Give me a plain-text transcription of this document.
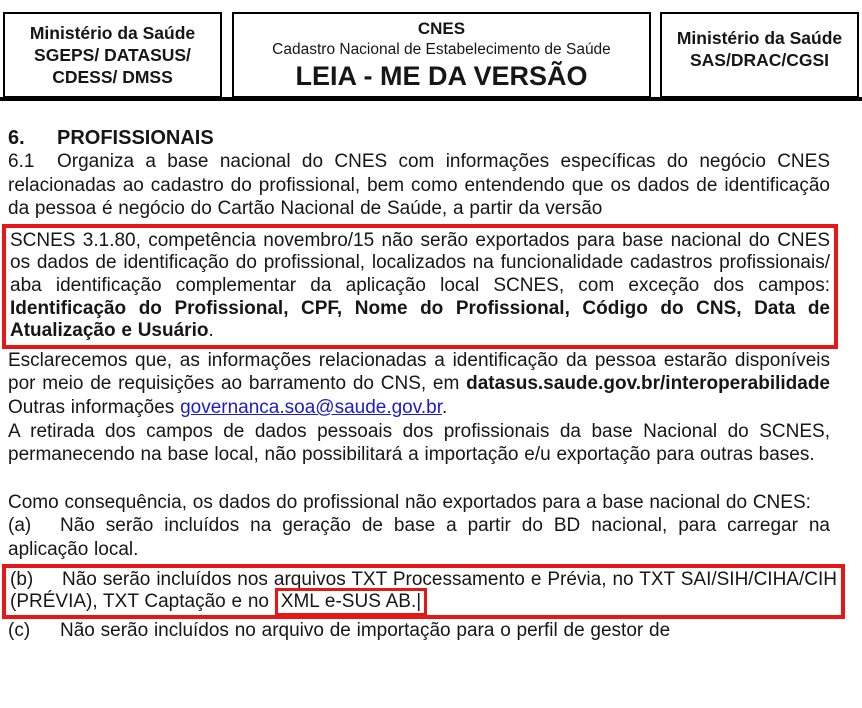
Ministério da Saúde
SGEPS/ DATASUS/
CDESS/ DMSS
CNES
Cadastro Nacional de Estabelecimento de Saúde
LEIA - ME DA VERSÃO
Ministério da Saúde
SAS/DRAC/CGSI

6. PROFISSIONAIS

6.1 Organiza a base nacional do CNES com informações específicas do negócio CNES relacionadas ao cadastro do profissional, bem como entendendo que os dados de identificação da pessoa é negócio do Cartão Nacional de Saúde, a partir da versão

SCNES 3.1.80, competência novembro/15 não serão exportados para base nacional do CNES os dados de identificação do profissional, localizados na funcionalidade cadastros profissionais/ aba identificação complementar da aplicação local SCNES, com exceção dos campos: Identificação do Profissional, CPF, Nome do Profissional, Código do CNS, Data de Atualização e Usuário.

Esclarecemos que, as informações relacionadas a identificação da pessoa estarão disponíveis por meio de requisições ao barramento do CNS, em datasus.saude.gov.br/interoperabilidade Outras informações governanca.soa@saude.gov.br.

A retirada dos campos de dados pessoais dos profissionais da base Nacional do SCNES, permanecendo na base local, não possibilitará a importação e/u exportação para outras bases.

Como consequência, os dados do profissional não exportados para a base nacional do CNES:

(a) Não serão incluídos na geração de base a partir do BD nacional, para carregar na aplicação local.

(b) Não serão incluídos nos arquivos TXT Processamento e Prévia, no TXT SAI/SIH/CIHA/CIH (PRÉVIA), TXT Captação e no XML e-SUS AB.|

(c) Não serão incluídos no arquivo de importação para o perfil de gestor de
